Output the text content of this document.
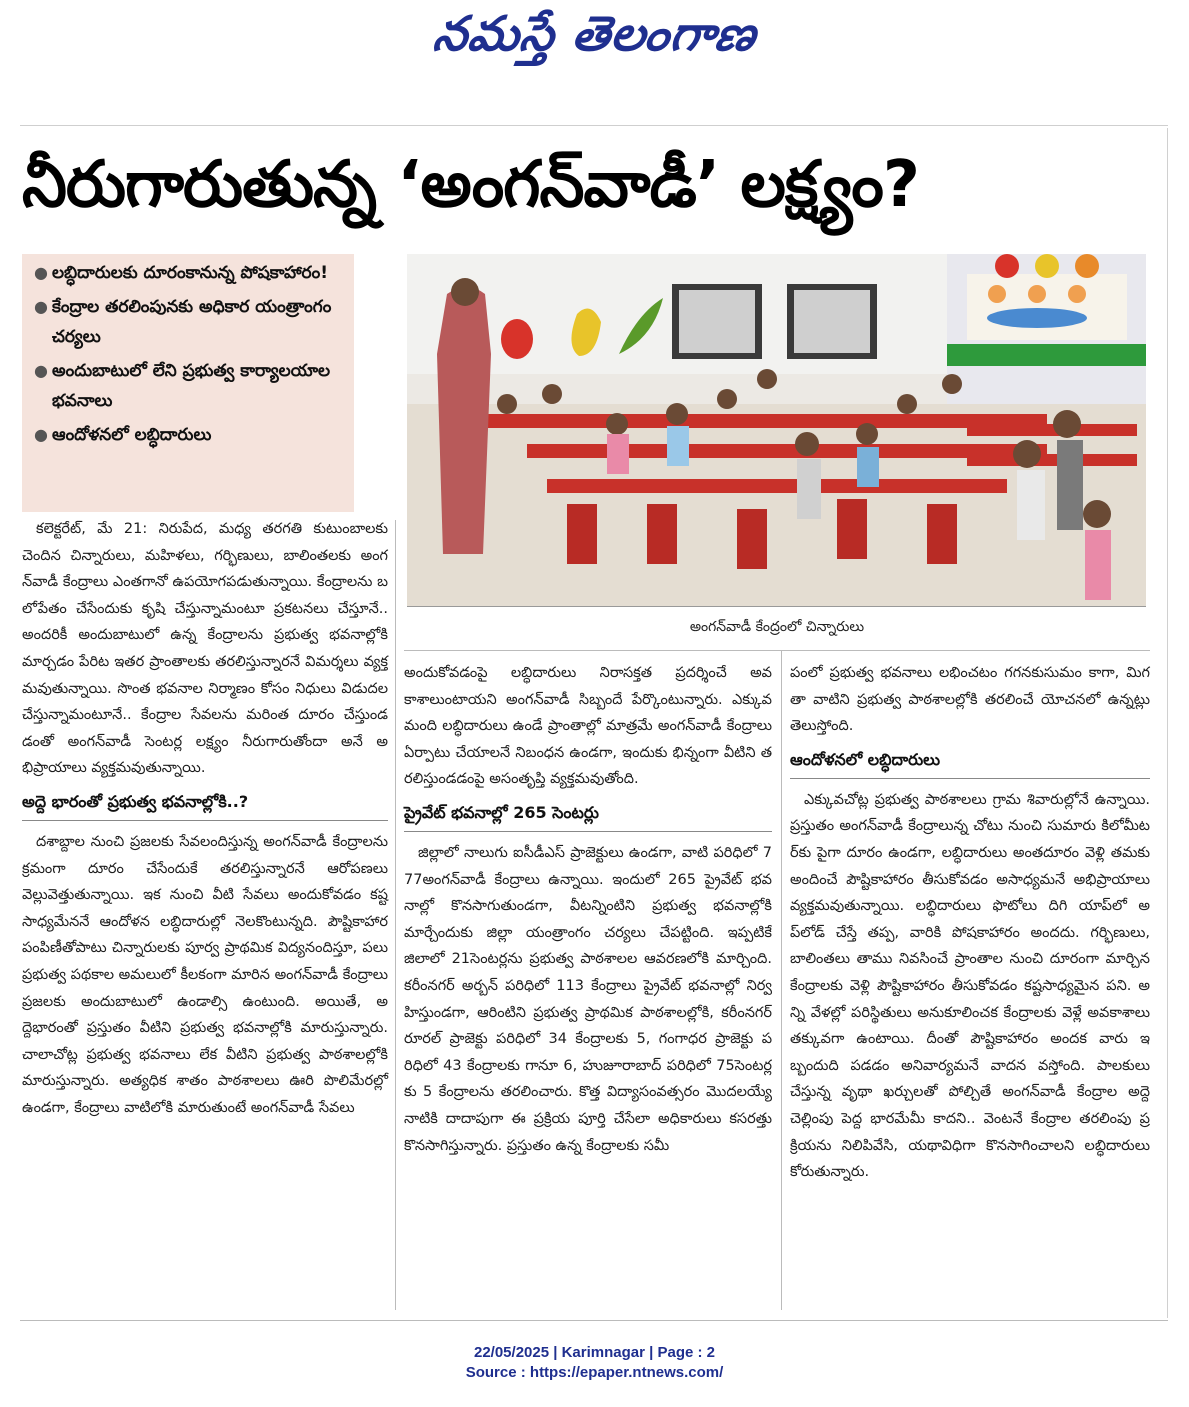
నమస్తే తెలంగాణ
నీరుగారుతున్న ‘అంగన్‌వాడీ’ లక్ష్యం?
● లబ్ధిదారులకు దూరంకానున్న పోషకాహారం!
● కేంద్రాల తరలింపునకు అధికార యంత్రాంగం చర్యలు
● అందుబాటులో లేని ప్రభుత్వ కార్యాలయాల భవనాలు
● ఆందోళనలో లబ్ధిదారులు
అంగన్‌వాడీ కేంద్రంలో చిన్నారులు

కలెక్టరేట్‌, మే 21: నిరుపేద, మధ్య తరగతి కుటుంబాలకు చెందిన చిన్నారులు, మహిళలు, గర్భిణులు, బాలింతలకు అంగన్‌వాడీ కేంద్రాలు ఎంతగానో ఉపయోగపడుతున్నాయి. కేంద్రాలను బలోపేతం చేసేందుకు కృషి చేస్తున్నామంటూ ప్రకటనలు చేస్తూనే.. అందరికీ అందుబాటులో ఉన్న కేంద్రాలను ప్రభుత్వ భవనాల్లోకి మార్చడం పేరిట ఇతర ప్రాంతాలకు తరలిస్తున్నారనే విమర్శలు వ్యక్తమవుతున్నాయి. సొంత భవనాల నిర్మాణం కోసం నిధులు విడుదల చేస్తున్నామంటూనే.. కేంద్రాల సేవలను మరింత దూరం చేస్తుండడంతో అంగన్‌వాడీ సెంటర్ల లక్ష్యం నీరుగారుతోందా అనే అభిప్రాయాలు వ్యక్తమవుతున్నాయి.

అద్దె భారంతో ప్రభుత్వ భవనాల్లోకి..?

దశాబ్దాల నుంచి ప్రజలకు సేవలందిస్తున్న అంగన్‌వాడీ కేంద్రాలను క్రమంగా దూరం చేసేందుకే తరలిస్తున్నారనే ఆరోపణలు వెల్లువెత్తుతున్నాయి. ఇక నుంచి వీటి సేవలు అందుకోవడం కష్ట సాధ్యమేననే ఆందోళన లబ్ధిదారుల్లో నెలకొంటున్నది. పౌష్టికాహార పంపిణీతోపాటు చిన్నారులకు పూర్వ ప్రాథమిక విద్యనందిస్తూ, పలు ప్రభుత్వ పథకాల అమలులో కీలకంగా మారిన అంగన్‌వాడీ కేంద్రాలు ప్రజలకు అందుబాటులో ఉండాల్సి ఉంటుంది. అయితే, అద్దెభారంతో ప్రస్తుతం వీటిని ప్రభుత్వ భవనాల్లోకి మారుస్తున్నారు. చాలాచోట్ల ప్రభుత్వ భవనాలు లేక వీటిని ప్రభుత్వ పాఠశాలల్లోకి మారుస్తున్నారు. అత్యధిక శాతం పాఠశాలలు ఊరి పొలిమేరల్లో ఉండగా, కేంద్రాలు వాటిలోకి మారుతుంటే అంగన్‌వాడీ సేవలు

అందుకోవడంపై లబ్ధిదారులు నిరాసక్తత ప్రదర్శించే అవకాశాలుంటాయని అంగన్‌వాడీ సిబ్బందే పేర్కొంటున్నారు. ఎక్కువ మంది లబ్ధిదారులు ఉండే ప్రాంతాల్లో మాత్రమే అంగన్‌వాడీ కేంద్రాలు ఏర్పాటు చేయాలనే నిబంధన ఉండగా, ఇందుకు భిన్నంగా వీటిని తరలిస్తుండడంపై అసంతృప్తి వ్యక్తమవుతోంది.

ప్రైవేట్‌ భవనాల్లో 265 సెంటర్లు

జిల్లాలో నాలుగు ఐసీడీఎస్‌ ప్రాజెక్టులు ఉండగా, వాటి పరిధిలో 777అంగన్‌వాడీ కేంద్రాలు ఉన్నాయి. ఇందులో 265 ప్రైవేట్‌ భవనాల్లో కొనసాగుతుండగా, వీటన్నింటిని ప్రభుత్వ భవనాల్లోకి మార్చేందుకు జిల్లా యంత్రాంగం చర్యలు చేపట్టింది. ఇప్పటికే జిలాలో 21సెంటర్లను ప్రభుత్వ పాఠశాలల ఆవరణలోకి మార్చింది. కరీంనగర్‌ అర్బన్‌ పరిధిలో 113 కేంద్రాలు ప్రైవేట్‌ భవనాల్లో నిర్వహిస్తుండగా, ఆరింటిని ప్రభుత్వ ప్రాథమిక పాఠశాలల్లోకి, కరీంనగర్‌ రూరల్‌ ప్రాజెక్టు పరిధిలో 34 కేంద్రాలకు 5, గంగాధర ప్రాజెక్టు పరిధిలో 43 కేంద్రాలకు గానూ 6, హుజూరాబాద్‌ పరిధిలో 75సెంటర్లకు 5 కేంద్రాలను తరలించారు. కొత్త విద్యాసంవత్సరం మొదలయ్యే నాటికి దాదాపుగా ఈ ప్రక్రియ పూర్తి చేసేలా అధికారులు కసరత్తు కొనసాగిస్తున్నారు. ప్రస్తుతం ఉన్న కేంద్రాలకు సమీ

పంలో ప్రభుత్వ భవనాలు లభించటం గగనకుసుమం కాగా, మిగతా వాటిని ప్రభుత్వ పాఠశాలల్లోకి తరలించే యోచనలో ఉన్నట్లు తెలుస్తోంది.

ఆందోళనలో లబ్ధిదారులు

ఎక్కువచోట్ల ప్రభుత్వ పాఠశాలలు గ్రామ శివారుల్లోనే ఉన్నాయి. ప్రస్తుతం అంగన్‌వాడీ కేంద్రాలున్న చోటు నుంచి సుమారు కిలోమీటర్‌కు పైగా దూరం ఉండగా, లబ్ధిదారులు అంతదూరం వెళ్లి తమకు అందించే పౌష్టికాహారం తీసుకోవడం అసాధ్యమనే అభిప్రాయాలు వ్యక్తమవుతున్నాయి. లబ్ధిదారులు ఫొటోలు దిగి యాప్‌లో అప్‌లోడ్‌ చేస్తే తప్ప, వారికి పోషకాహారం అందదు. గర్భిణులు, బాలింతలు తాము నివసించే ప్రాంతాల నుంచి దూరంగా మార్చిన కేంద్రాలకు వెళ్లి పౌష్టికాహారం తీసుకోవడం కష్టసాధ్యమైన పని. అన్ని వేళల్లో పరిస్థితులు అనుకూలించక కేంద్రాలకు వెళ్లే అవకాశాలు తక్కువగా ఉంటాయి. దీంతో పౌష్టికాహారం అందక వారు ఇబ్బందుది పడడం అనివార్యమనే వాదన వస్తోంది. పాలకులు చేస్తున్న వృథా ఖర్చులతో పోల్చితే అంగన్‌వాడీ కేంద్రాల అద్దె చెల్లింపు పెద్ద భారమేమీ కాదని.. వెంటనే కేంద్రాల తరలింపు ప్రక్రియను నిలిపివేసి, యథావిధిగా కొనసాగించాలని లబ్ధిదారులు కోరుతున్నారు.

22/05/2025 | Karimnagar | Page : 2
Source : https://epaper.ntnews.com/
